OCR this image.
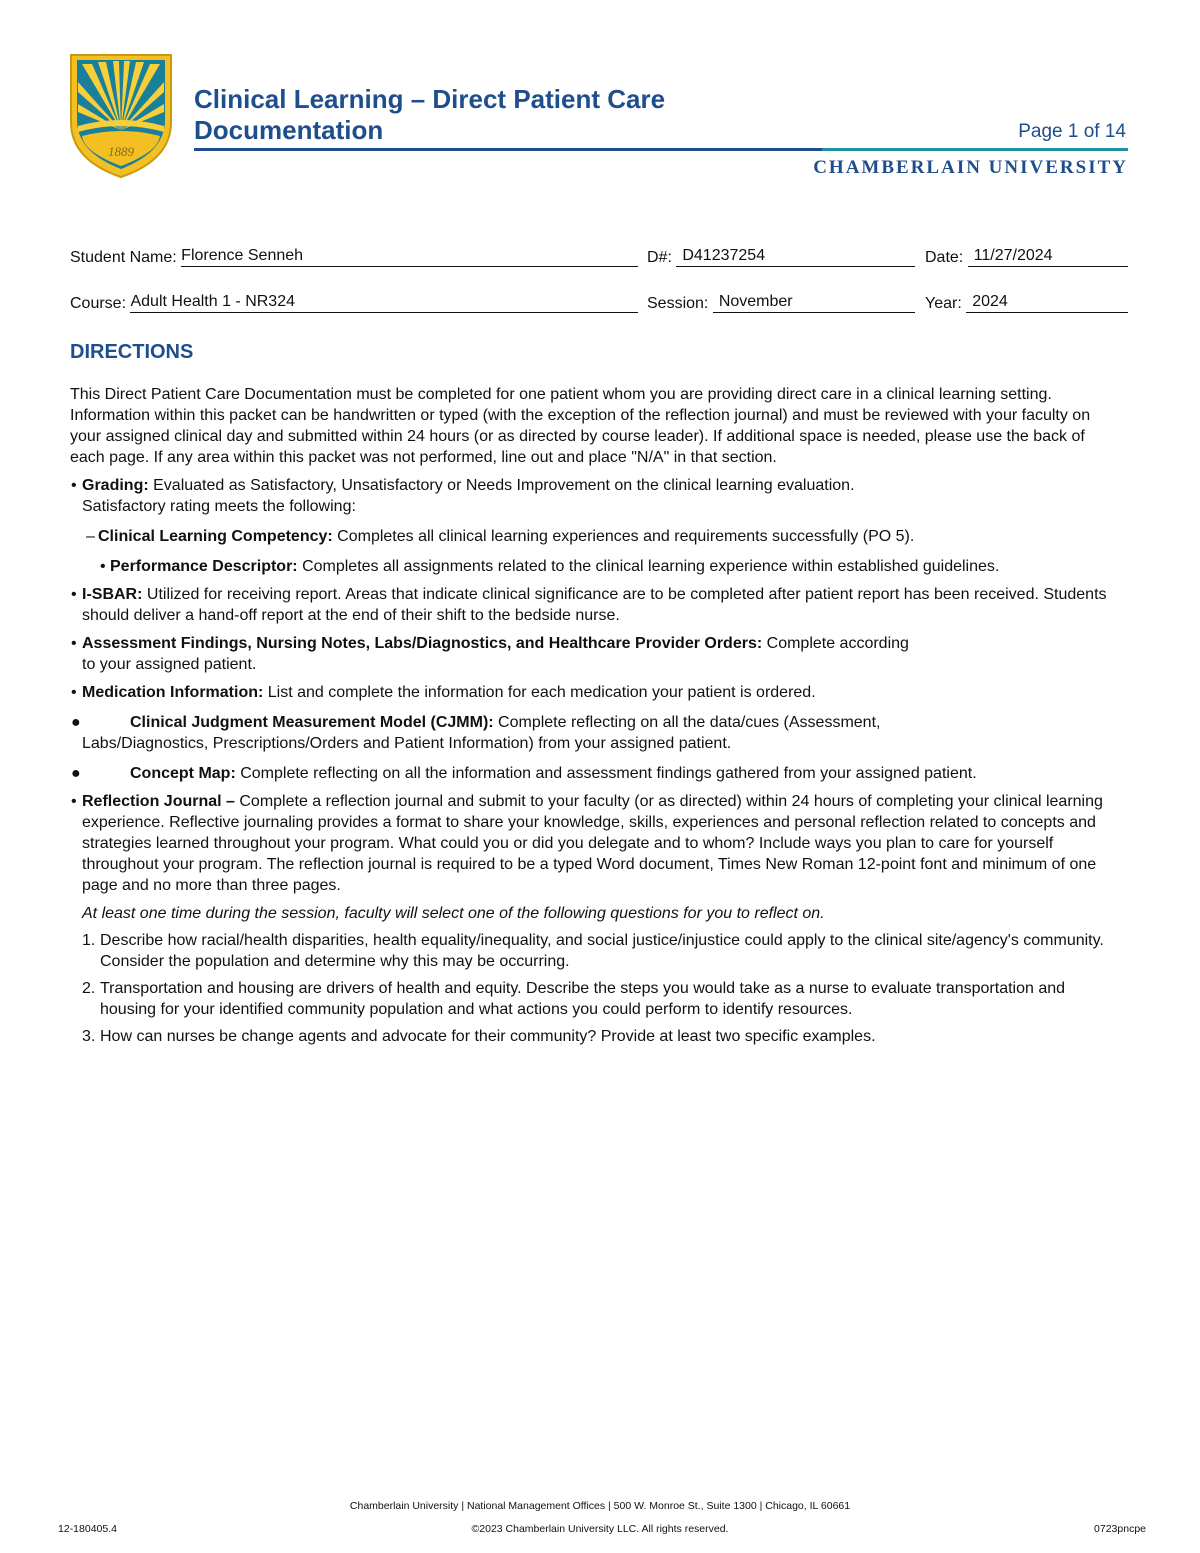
1889
Clinical Learning – Direct Patient Care
Documentation	Page 1 of 14
CHAMBERLAIN UNIVERSITY
Student Name: Florence Senneh	D#: D41237254	Date: 11/27/2024
Course: Adult Health 1 - NR324	Session: November	Year: 2024
DIRECTIONS

This Direct Patient Care Documentation must be completed for one patient whom you are providing direct care in a clinical learning setting. Information within this packet can be handwritten or typed (with the exception of the reflection journal) and must be reviewed with your faculty on your assigned clinical day and submitted within 24 hours (or as directed by course leader). If additional space is needed, please use the back of each page. If any area within this packet was not performed, line out and place "N/A" in that section.

• Grading: Evaluated as Satisfactory, Unsatisfactory or Needs Improvement on the clinical learning evaluation.
Satisfactory rating meets the following:
– Clinical Learning Competency: Completes all clinical learning experiences and requirements successfully (PO 5).
• Performance Descriptor: Completes all assignments related to the clinical learning experience within established guidelines.
• I-SBAR: Utilized for receiving report. Areas that indicate clinical significance are to be completed after patient report has been received. Students should deliver a hand-off report at the end of their shift to the bedside nurse.
• Assessment Findings, Nursing Notes, Labs/Diagnostics, and Healthcare Provider Orders: Complete according
to your assigned patient.
• Medication Information: List and complete the information for each medication your patient is ordered.
●	Clinical Judgment Measurement Model (CJMM): Complete reflecting on all the data/cues (Assessment,
Labs/Diagnostics, Prescriptions/Orders and Patient Information) from your assigned patient.
●	Concept Map: Complete reflecting on all the information and assessment findings gathered from your assigned patient.
• Reflection Journal – Complete a reflection journal and submit to your faculty (or as directed) within 24 hours of completing your clinical learning experience. Reflective journaling provides a format to share your knowledge, skills, experiences and personal reflection related to concepts and strategies learned throughout your program. What could you or did you delegate and to whom? Include ways you plan to care for yourself throughout your program. The reflection journal is required to be a typed Word document, Times New Roman 12-point font and minimum of one page and no more than three pages.
At least one time during the session, faculty will select one of the following questions for you to reflect on.
1. Describe how racial/health disparities, health equality/inequality, and social justice/injustice could apply to the clinical site/agency's community. Consider the population and determine why this may be occurring.
2. Transportation and housing are drivers of health and equity. Describe the steps you would take as a nurse to evaluate transportation and housing for your identified community population and what actions you could perform to identify resources.
3. How can nurses be change agents and advocate for their community? Provide at least two specific examples.
Chamberlain University | National Management Offices | 500 W. Monroe St., Suite 1300 | Chicago, IL 60661
12-180405.4	©2023 Chamberlain University LLC. All rights reserved.	0723pncpe
